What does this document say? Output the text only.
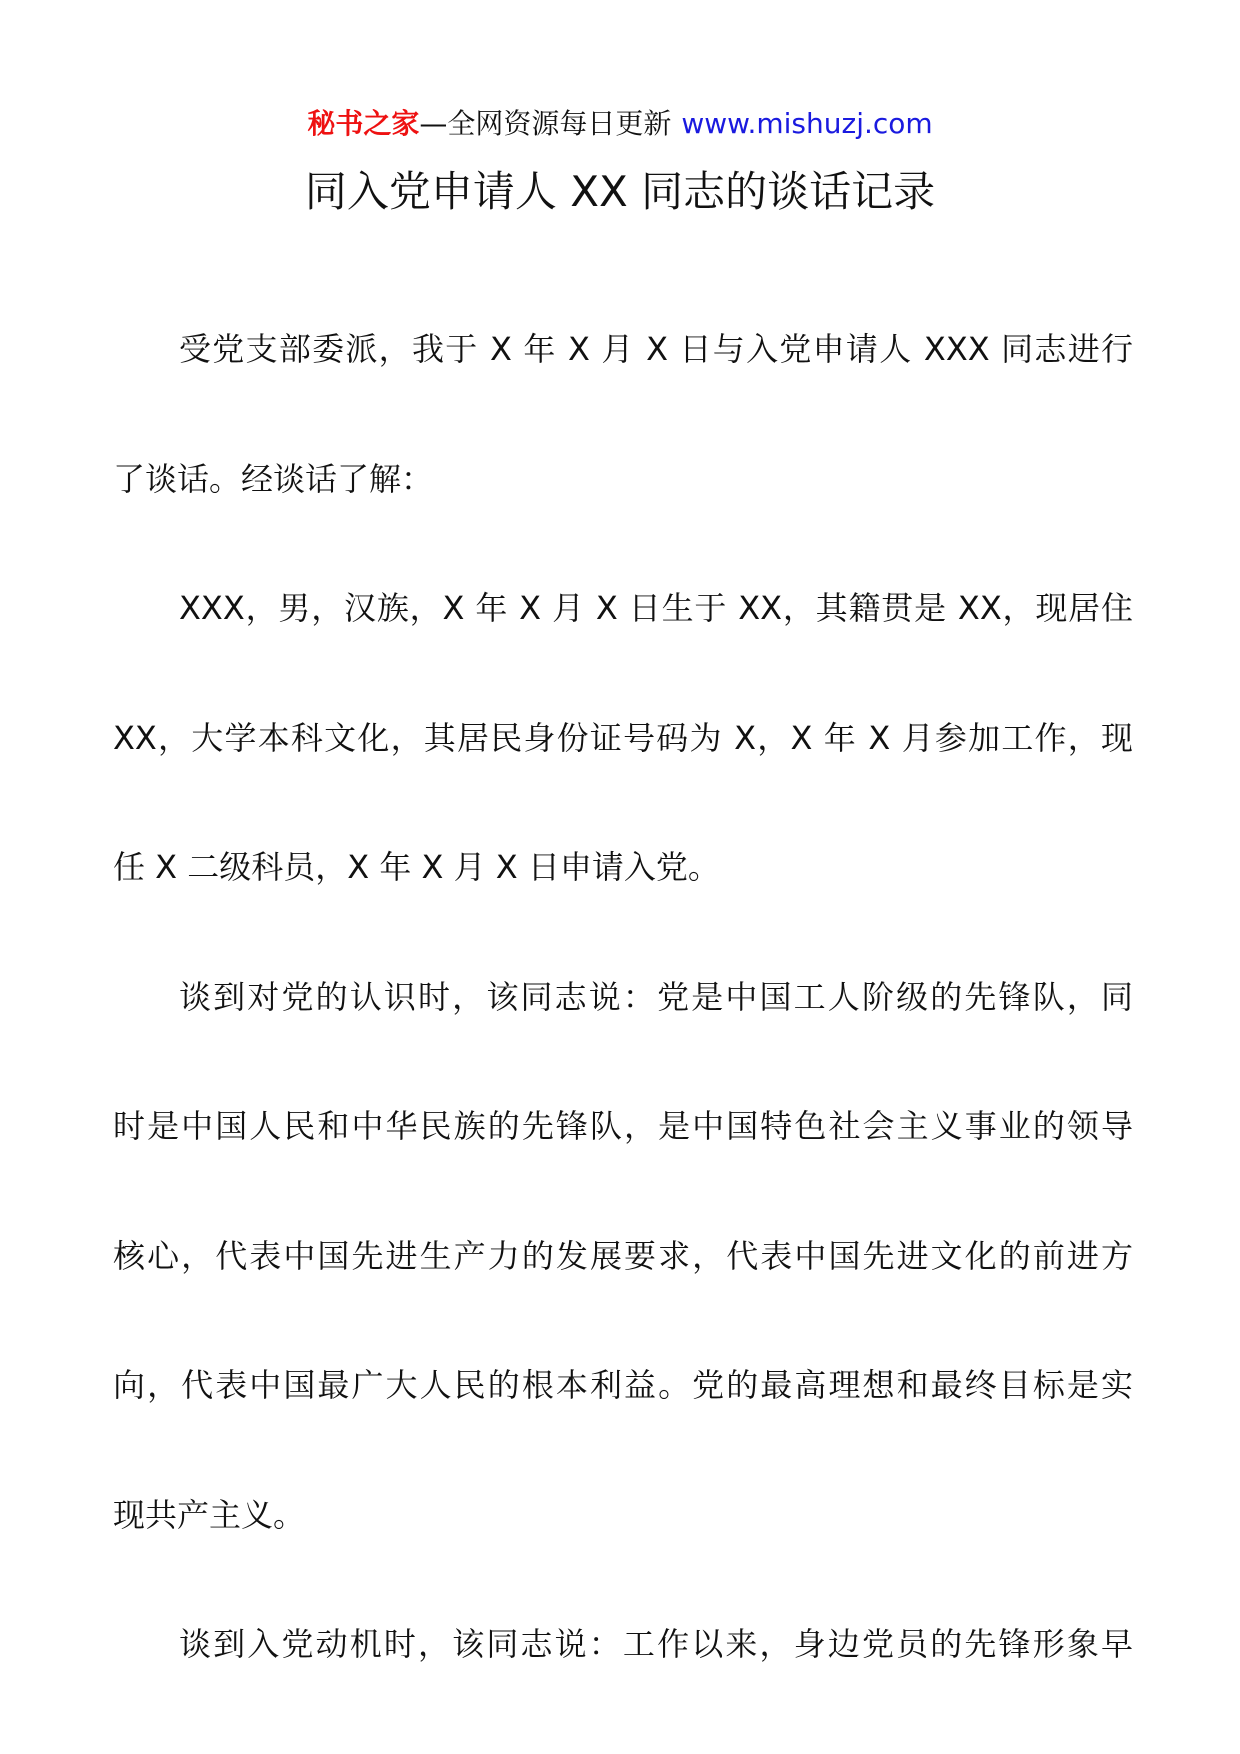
秘书之家—全网资源每日更新 www.mishuzj.com
同入党申请人 XX 同志的谈话记录
受党支部委派，我于 X 年 X 月 X 日与入党申请人 XXX 同志进行
了谈话。经谈话了解：
XXX，男，汉族，X 年 X 月 X 日生于 XX，其籍贯是 XX，现居住
XX，大学本科文化，其居民身份证号码为 X，X 年 X 月参加工作，现
任 X 二级科员，X 年 X 月 X 日申请入党。
谈到对党的认识时，该同志说：党是中国工人阶级的先锋队，同
时是中国人民和中华民族的先锋队，是中国特色社会主义事业的领导
核心，代表中国先进生产力的发展要求，代表中国先进文化的前进方
向，代表中国最广大人民的根本利益。党的最高理想和最终目标是实
现共产主义。
谈到入党动机时，该同志说：工作以来，身边党员的先锋形象早
